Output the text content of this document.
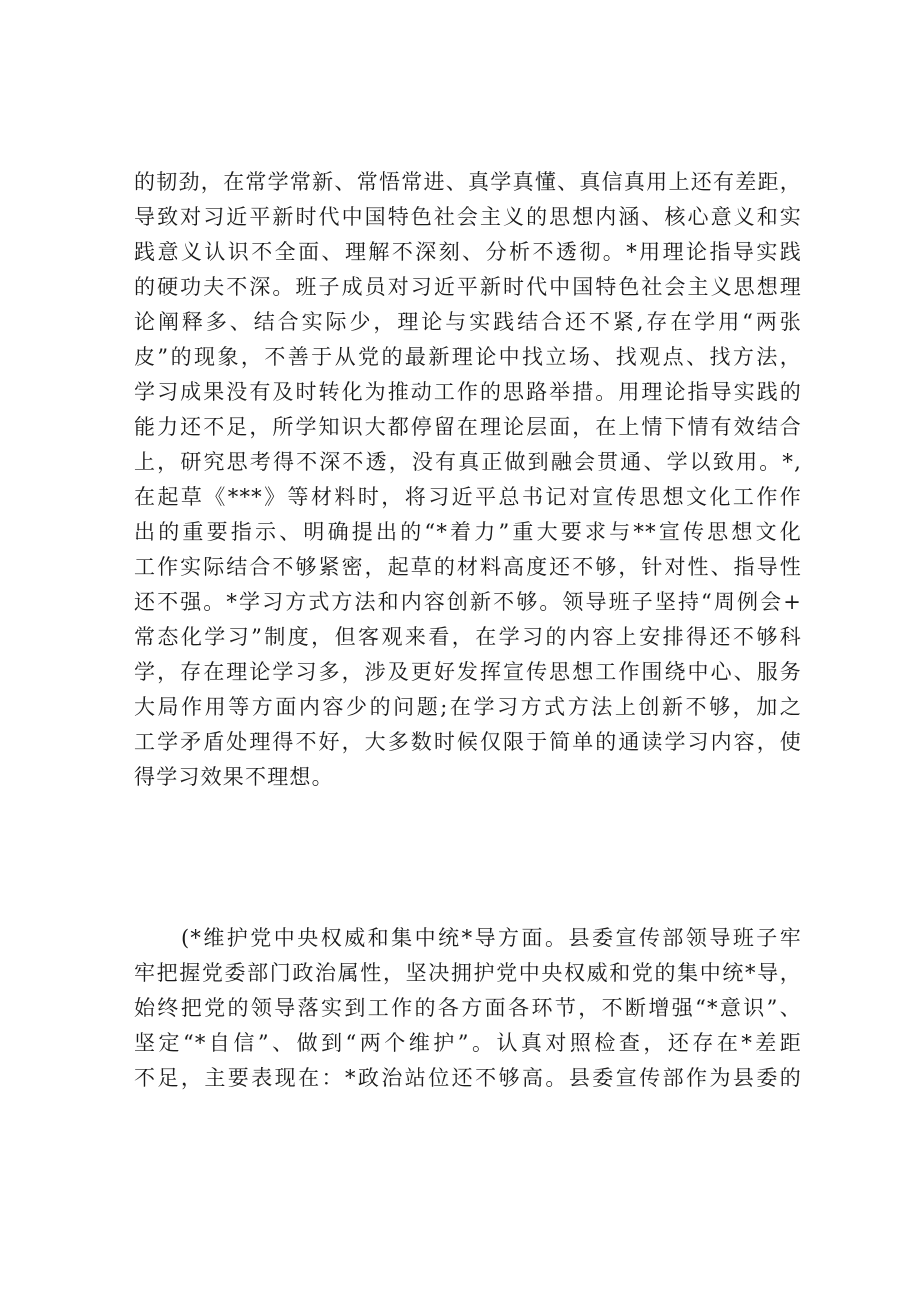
的韧劲，在常学常新、常悟常进、真学真懂、真信真用上还有差距，
导致对习近平新时代中国特色社会主义的思想内涵、核心意义和实
践意义认识不全面、理解不深刻、分析不透彻。*用理论指导实践
的硬功夫不深。班子成员对习近平新时代中国特色社会主义思想理
论阐释多、结合实际少，理论与实践结合还不紧,存在学用“两张
皮”的现象，不善于从党的最新理论中找立场、找观点、找方法，
学习成果没有及时转化为推动工作的思路举措。用理论指导实践的
能力还不足，所学知识大都停留在理论层面，在上情下情有效结合
上，研究思考得不深不透，没有真正做到融会贯通、学以致用。*,
在起草《***》等材料时，将习近平总书记对宣传思想文化工作作
出的重要指示、明确提出的“*着力”重大要求与**宣传思想文化
工作实际结合不够紧密，起草的材料高度还不够，针对性、指导性
还不强。*学习方式方法和内容创新不够。领导班子坚持“周例会+
常态化学习”制度，但客观来看，在学习的内容上安排得还不够科
学，存在理论学习多，涉及更好发挥宣传思想工作围绕中心、服务
大局作用等方面内容少的问题;在学习方式方法上创新不够，加之
工学矛盾处理得不好，大多数时候仅限于简单的通读学习内容，使
得学习效果不理想。
　　(*维护党中央权威和集中统*导方面。县委宣传部领导班子牢
牢把握党委部门政治属性，坚决拥护党中央权威和党的集中统*导，
始终把党的领导落实到工作的各方面各环节，不断增强“*意识”、
坚定“*自信”、做到“两个维护”。认真对照检查，还存在*差距
不足，主要表现在：*政治站位还不够高。县委宣传部作为县委的
